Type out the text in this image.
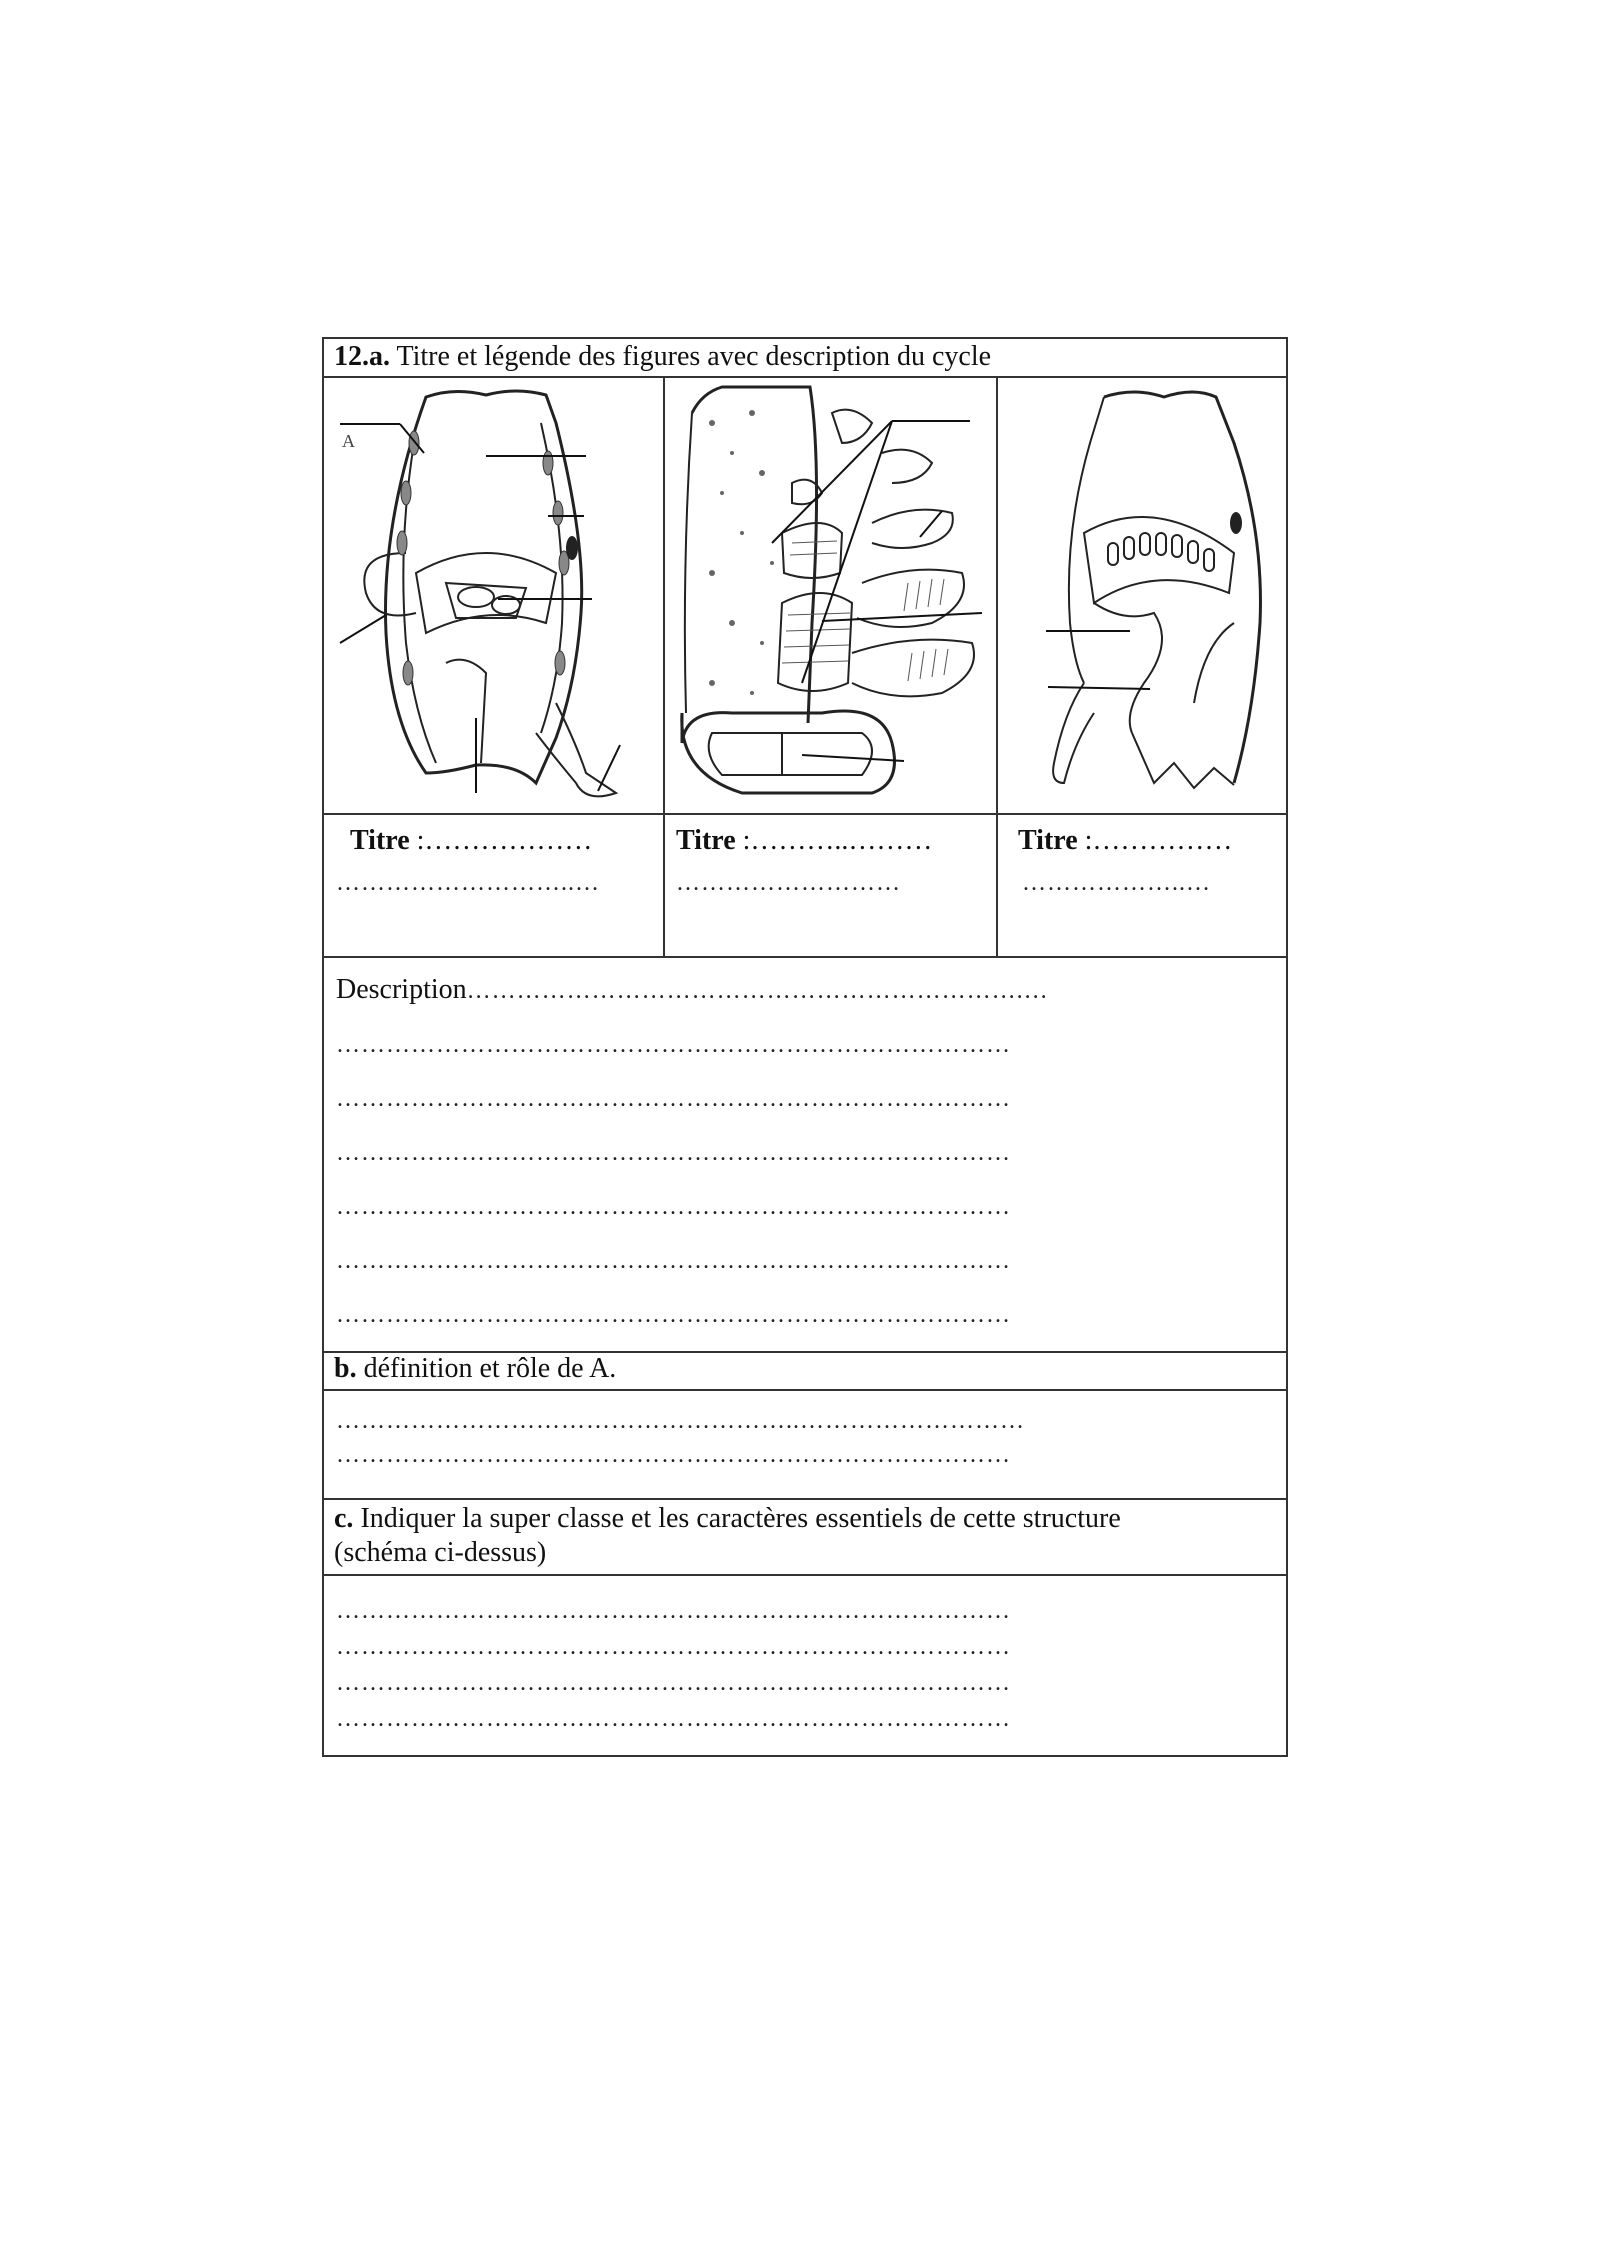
12.a. Titre et légende des figures avec description du cycle
A
Titre :………………
………………………..…
Titre :………..………
………………………
Titre :……………
………………..…
Description………………………………………………………….…
………………………………………………………………………
………………………………………………………………………
………………………………………………………………………
………………………………………………………………………
………………………………………………………………………
………………………………………………………………………
b. définition et rôle de A.
………………………………………………..………………………
………………………………………………………………………
c. Indiquer la super classe et les caractères essentiels de cette structure
(schéma ci-dessus)
………………………………………………………………………
………………………………………………………………………
………………………………………………………………………
………………………………………………………………………
